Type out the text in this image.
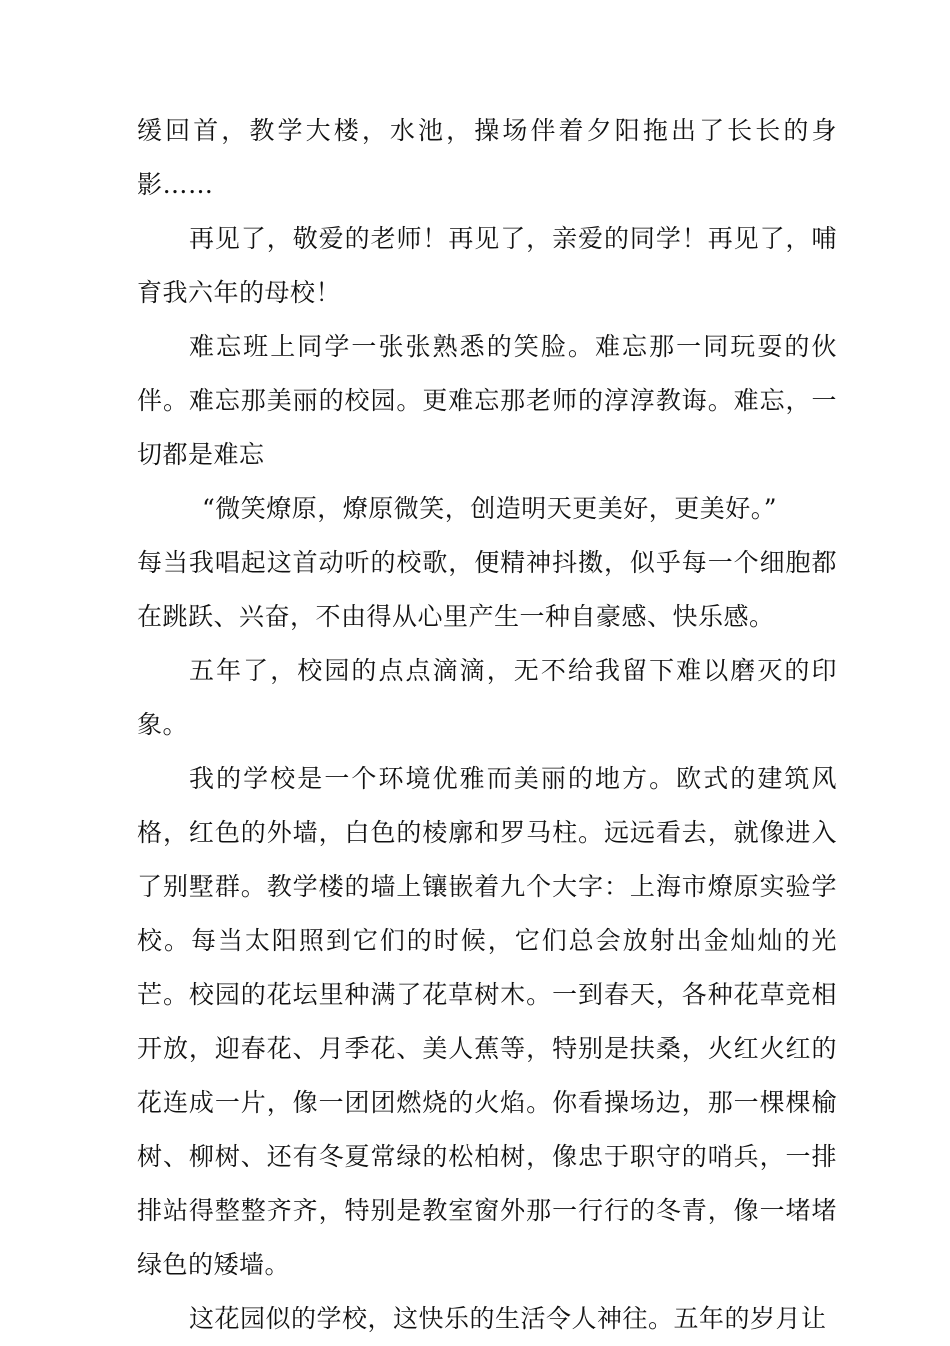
缓回首，教学大楼，水池，操场伴着夕阳拖出了长长的身影……

再见了，敬爱的老师！再见了，亲爱的同学！再见了，哺育我六年的母校！

难忘班上同学一张张熟悉的笑脸。难忘那一同玩耍的伙伴。难忘那美丽的校园。更难忘那老师的淳淳教诲。难忘，一切都是难忘

“微笑燎原，燎原微笑，创造明天更美好，更美好。”

每当我唱起这首动听的校歌，便精神抖擞，似乎每一个细胞都在跳跃、兴奋，不由得从心里产生一种自豪感、快乐感。

五年了，校园的点点滴滴，无不给我留下难以磨灭的印象。

我的学校是一个环境优雅而美丽的地方。欧式的建筑风格，红色的外墙，白色的棱廓和罗马柱。远远看去，就像进入了别墅群。教学楼的墙上镶嵌着九个大字：上海市燎原实验学校。每当太阳照到它们的时候，它们总会放射出金灿灿的光芒。校园的花坛里种满了花草树木。一到春天，各种花草竞相开放，迎春花、月季花、美人蕉等，特别是扶桑，火红火红的花连成一片，像一团团燃烧的火焰。你看操场边，那一棵棵榆树、柳树、还有冬夏常绿的松柏树，像忠于职守的哨兵，一排排站得整整齐齐，特别是教室窗外那一行行的冬青，像一堵堵绿色的矮墙。

这花园似的学校，这快乐的生活令人神往。五年的岁月让
